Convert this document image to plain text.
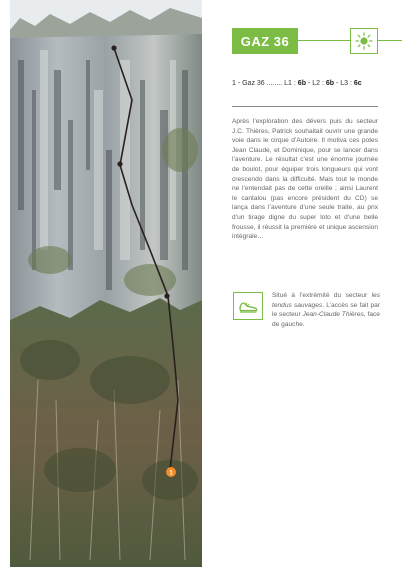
1
GAZ 36
1 - Gaz 36 ........ L1 : 6b - L2 : 6b - L3 : 6c
Après l’exploration des dévers puis du secteur J.C. Thières, Patrick souhaitait ouvrir une grande voie dans le cirque d’Autoire. Il motiva ces potes Jean Claude, et Dominique, pour se lancer dans l’aventure. Le résultat c’est une énorme journée de boulot, pour équiper trois longueurs qui vont crescendo dans la difficulté. Mais tout le monde ne l’entendait pas de cette oreille ; ainsi Laurent le cantalou (pas encore président du CD) se lança dans l’aventure d’une seule traite, au prix d’un tirage digne du super loto et d’une belle frousse, il réussit la première et unique ascension intégrale…
Situé à l’extrémité du secteur les tendus sauvages. L’accès se fait par le secteur Jean-Claude Thières, face de gauche.
